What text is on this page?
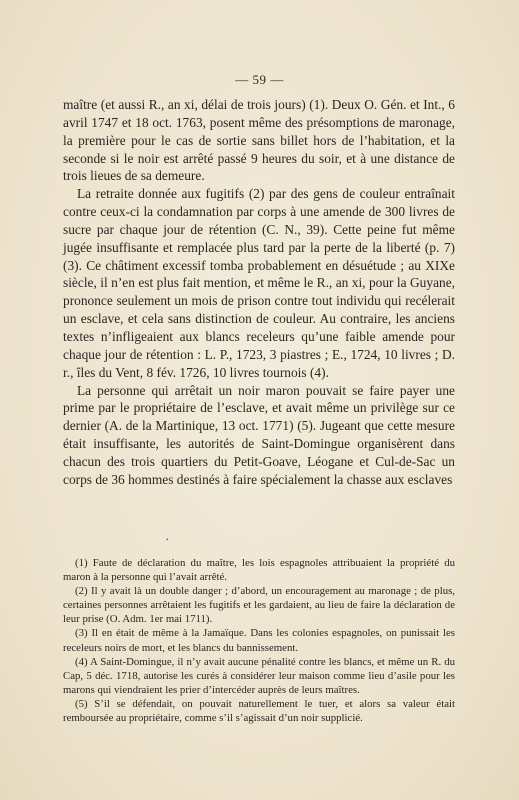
— 59 —

maître (et aussi R., an xi, délai de trois jours) (1). Deux O. Gén. et Int., 6 avril 1747 et 18 oct. 1763, posent même des présomptions de maronage, la première pour le cas de sortie sans billet hors de l’habitation, et la seconde si le noir est arrêté passé 9 heures du soir, et à une distance de trois lieues de sa demeure.

La retraite donnée aux fugitifs (2) par des gens de couleur entraînait contre ceux-ci la condamnation par corps à une amende de 300 livres de sucre par chaque jour de rétention (C. N., 39). Cette peine fut même jugée insuffisante et remplacée plus tard par la perte de la liberté (p. 7) (3). Ce châtiment excessif tomba probablement en désuétude ; au XIXe siècle, il n’en est plus fait mention, et même le R., an xi, pour la Guyane, prononce seulement un mois de prison contre tout individu qui recélerait un esclave, et cela sans distinction de couleur. Au contraire, les anciens textes n’infligeaient aux blancs receleurs qu’une faible amende pour chaque jour de rétention : L. P., 1723, 3 piastres ; E., 1724, 10 livres ; D. r., îles du Vent, 8 fév. 1726, 10 livres tournois (4).

La personne qui arrêtait un noir maron pouvait se faire payer une prime par le propriétaire de l’esclave, et avait même un privilège sur ce dernier (A. de la Martinique, 13 oct. 1771) (5). Jugeant que cette mesure était insuffisante, les autorités de Saint-Domingue organisèrent dans chacun des trois quartiers du Petit-Goave, Léogane et Cul-de-Sac un corps de 36 hommes destinés à faire spécialement la chasse aux esclaves

•

(1) Faute de déclaration du maître, les lois espagnoles attribuaient la propriété du maron à la personne qui l’avait arrêté.

(2) Il y avait là un double danger ; d’abord, un encouragement au maronage ; de plus, certaines personnes arrêtaient les fugitifs et les gardaient, au lieu de faire la déclaration de leur prise (O. Adm. 1er mai 1711).

(3) Il en était de même à la Jamaïque. Dans les colonies espagnoles, on punissait les receleurs noirs de mort, et les blancs du bannissement.

(4) A Saint-Domingue, il n’y avait aucune pénalité contre les blancs, et même un R. du Cap, 5 déc. 1718, autorise les curés à considérer leur maison comme lieu d’asile pour les marons qui viendraient les prier d’intercéder auprès de leurs maîtres.

(5) S’il se défendait, on pouvait naturellement le tuer, et alors sa valeur était remboursée au propriétaire, comme s’il s’agissait d’un noir supplicié.
